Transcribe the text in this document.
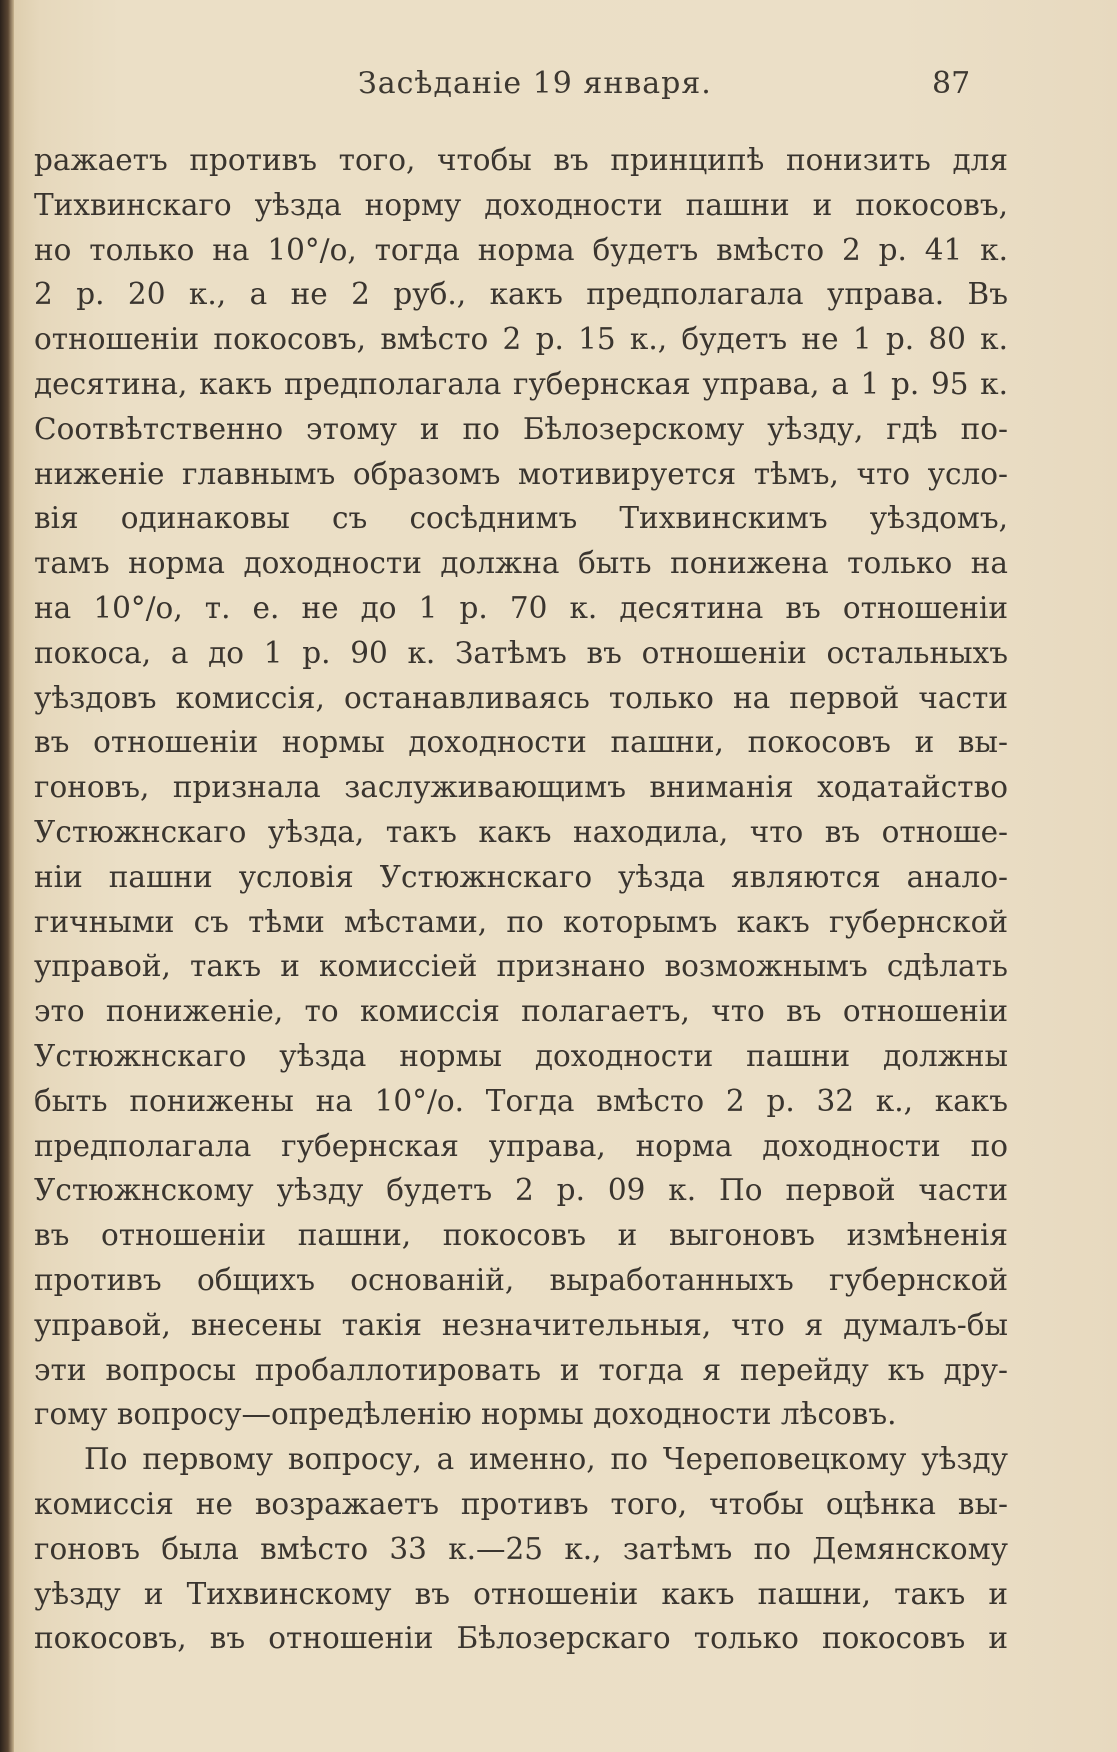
Засѣданіе 19 января.	87
ражаетъ противъ того, чтобы въ принципѣ понизить для
Тихвинскаго уѣзда норму доходности пашни и покосовъ,
но только на 10°/о, тогда норма будетъ вмѣсто 2 р. 41 к.
2 р. 20 к., а не 2 руб., какъ предполагала управа. Въ
отношеніи покосовъ, вмѣсто 2 р. 15 к., будетъ не 1 р. 80 к.
десятина, какъ предполагала губернская управа, а 1 р. 95 к.
Соотвѣтственно этому и по Бѣлозерскому уѣзду, гдѣ по-
ниженіе главнымъ образомъ мотивируется тѣмъ, что усло-
вія одинаковы съ сосѣднимъ Тихвинскимъ уѣздомъ,
тамъ норма доходности должна быть понижена только на
на 10°/о, т. е. не до 1 р. 70 к. десятина въ отношеніи
покоса, а до 1 р. 90 к. Затѣмъ въ отношеніи остальныхъ
уѣздовъ комиссія, останавливаясь только на первой части
въ отношеніи нормы доходности пашни, покосовъ и вы-
гоновъ, признала заслуживающимъ вниманія ходатайство
Устюжнскаго уѣзда, такъ какъ находила, что въ отноше-
ніи пашни условія Устюжнскаго уѣзда являются анало-
гичными съ тѣми мѣстами, по которымъ какъ губернской
управой, такъ и комиссіей признано возможнымъ сдѣлать
это пониженіе, то комиссія полагаетъ, что въ отношеніи
Устюжнскаго уѣзда нормы доходности пашни должны
быть понижены на 10°/о. Тогда вмѣсто 2 р. 32 к., какъ
предполагала губернская управа, норма доходности по
Устюжнскому уѣзду будетъ 2 р. 09 к. По первой части
въ отношеніи пашни, покосовъ и выгоновъ измѣненія
противъ общихъ основаній, выработанныхъ губернской
управой, внесены такія незначительныя, что я думалъ-бы
эти вопросы пробаллотировать и тогда я перейду къ дру-
гому вопросу—опредѣленію нормы доходности лѣсовъ.
По первому вопросу, а именно, по Череповецкому уѣзду
комиссія не возражаетъ противъ того, чтобы оцѣнка вы-
гоновъ была вмѣсто 33 к.—25 к., затѣмъ по Демянскому
уѣзду и Тихвинскому въ отношеніи какъ пашни, такъ и
покосовъ, въ отношеніи Бѣлозерскаго только покосовъ и
